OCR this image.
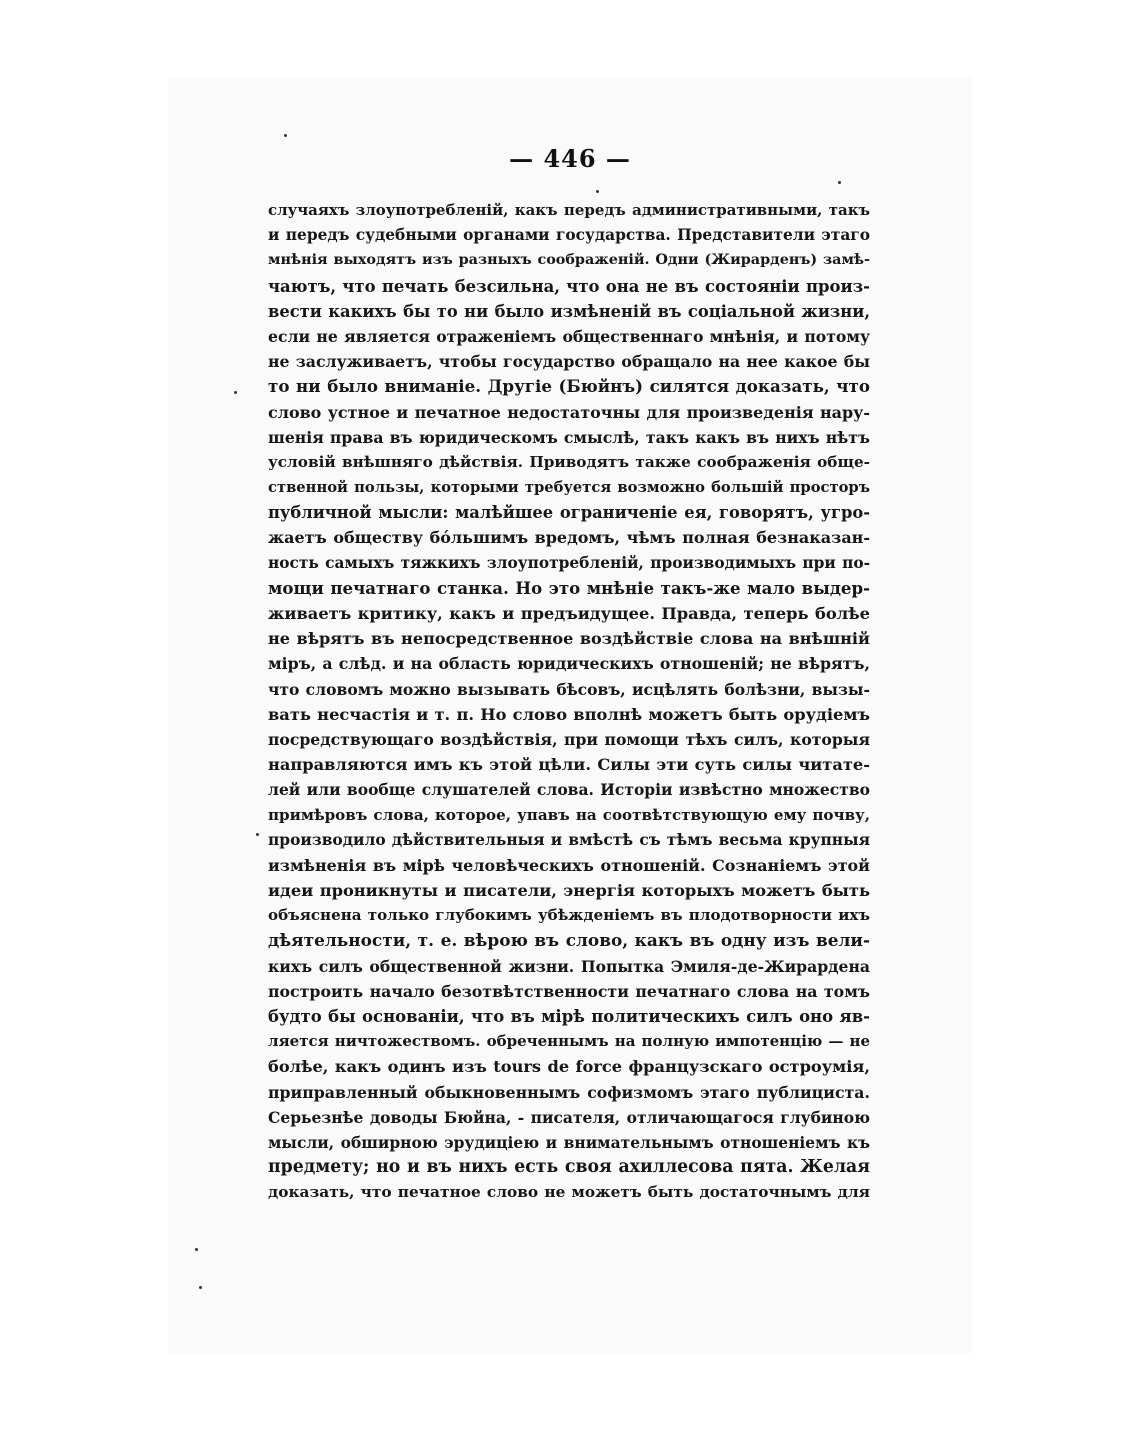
— 446 —
случаяхъ злоупотребленій, какъ передъ административными, такъ
и передъ судебными органами государства. Представители этаго
мнѣнія выходятъ изъ разныхъ соображеній. Одни (Жирарденъ) замѣ-
чаютъ, что печать безсильна, что она не въ состояніи произ-
вести какихъ бы то ни было измѣненій въ соціальной жизни,
если не является отраженіемъ общественнаго мнѣнія, и потому
не заслуживаетъ, чтобы государство обращало на нее какое бы
то ни было вниманіе. Другіе (Бюйнъ) силятся доказать, что
слово устное и печатное недостаточны для произведенія нару-
шенія права въ юридическомъ смыслѣ, такъ какъ въ нихъ нѣтъ
условій внѣшняго дѣйствія. Приводятъ также соображенія обще-
ственной пользы, которыми требуется возможно большій просторъ
публичной мысли: малѣйшее ограниченіе ея, говорятъ, угро-
жаетъ обществу бóльшимъ вредомъ, чѣмъ полная безнаказан-
ность самыхъ тяжкихъ злоупотребленій, производимыхъ при по-
мощи печатнаго станка. Но это мнѣніе такъ-же мало выдер-
живаетъ критику, какъ и предъидущее. Правда, теперь болѣе
не вѣрятъ въ непосредственное воздѣйствіе слова на внѣшній
міръ, а слѣд. и на область юридическихъ отношеній; не вѣрятъ,
что словомъ можно вызывать бѣсовъ, исцѣлять болѣзни, вызы-
вать несчастія и т. п. Но слово вполнѣ можетъ быть орудіемъ
посредствующаго воздѣйствія, при помощи тѣхъ силъ, которыя
направляются имъ къ этой цѣли. Силы эти суть силы читате-
лей или вообще слушателей слова. Исторіи извѣстно множество
примѣровъ слова, которое, упавъ на соотвѣтствующую ему почву,
производило дѣйствительныя и вмѣстѣ съ тѣмъ весьма крупныя
измѣненія въ мірѣ человѣческихъ отношеній. Сознаніемъ этой
идеи проникнуты и писатели, энергія которыхъ можетъ быть
объяснена только глубокимъ убѣжденіемъ въ плодотворности ихъ
дѣятельности, т. е. вѣрою въ слово, какъ въ одну изъ вели-
кихъ силъ общественной жизни. Попытка Эмиля-де-Жирардена
построить начало безотвѣтственности печатнаго слова на томъ
будто бы основаніи, что въ мірѣ политическихъ силъ оно яв-
ляется ничтожествомъ. обреченнымъ на полную импотенцію — не
болѣе, какъ одинъ изъ tours de force французскаго остроумія,
приправленный обыкновеннымъ софизмомъ этаго публициста.
Серьезнѣе доводы Бюйна, - писателя, отличающагося глубиною
мысли, обширною эрудиціею и внимательнымъ отношеніемъ къ
предмету; но и въ нихъ есть своя ахиллесова пята. Желая
доказать, что печатное слово не можетъ быть достаточнымъ для
